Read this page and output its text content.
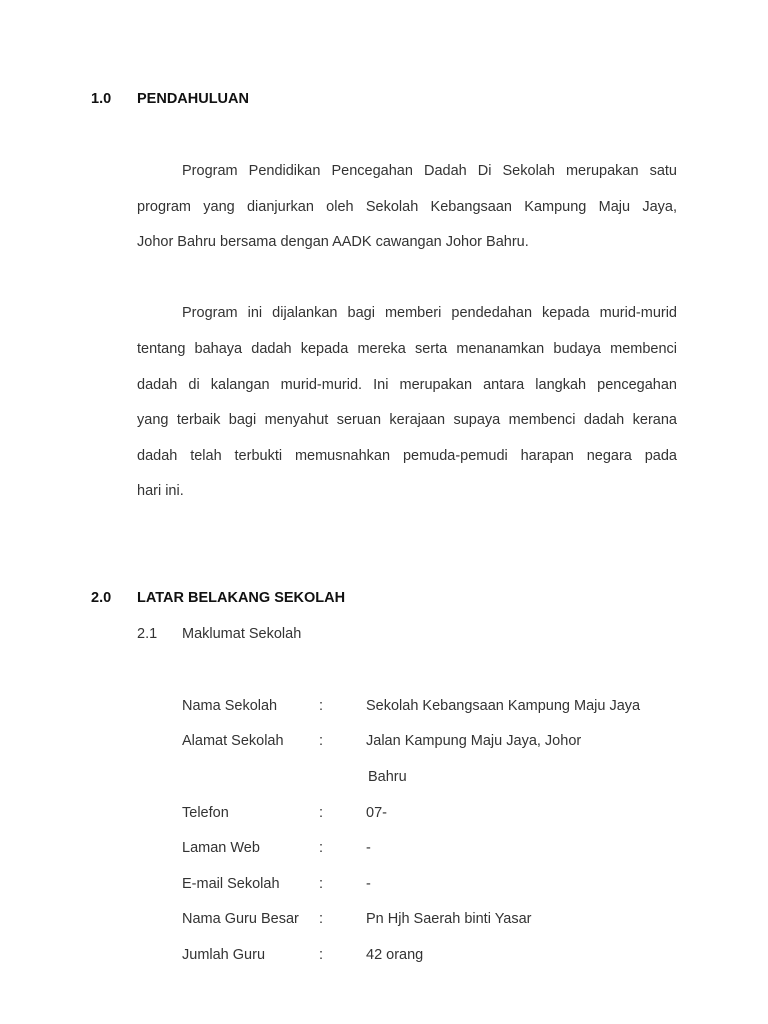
1.0 PENDAHULUAN
Program Pendidikan Pencegahan Dadah Di Sekolah merupakan satu
program yang dianjurkan oleh Sekolah Kebangsaan Kampung Maju Jaya,
Johor Bahru bersama dengan AADK cawangan Johor Bahru.
Program ini dijalankan bagi memberi pendedahan kepada murid-murid
tentang bahaya dadah kepada mereka serta menanamkan budaya membenci
dadah di kalangan murid-murid. Ini merupakan antara langkah pencegahan
yang terbaik bagi menyahut seruan kerajaan supaya membenci dadah kerana
dadah telah terbukti memusnahkan pemuda-pemudi harapan negara pada
hari ini.
2.0 LATAR BELAKANG SEKOLAH
2.1 Maklumat Sekolah
Nama Sekolah	:	Sekolah Kebangsaan Kampung Maju Jaya
Alamat Sekolah :	Jalan Kampung Maju Jaya, Johor
Bahru
Telefon	:	07-
Laman Web	:	-
E-mail Sekolah	:	-
Nama Guru Besar :	Pn Hjh Saerah binti Yasar
Jumlah Guru	:	42 orang
